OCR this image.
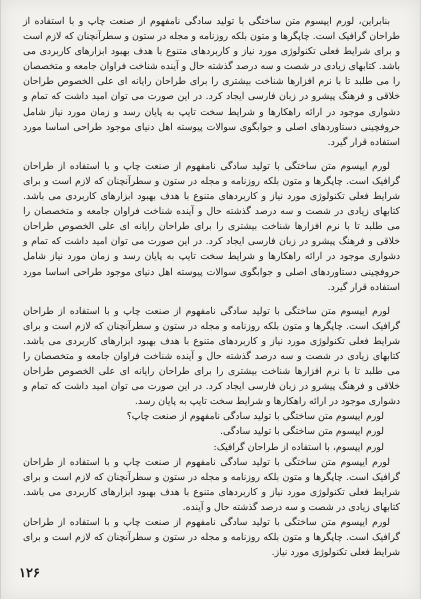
بنابراین، لورم ایپسوم متن ساختگی با تولید سادگی نامفهوم از صنعت چاپ و با استفاده از طراحان گرافیک است. چاپگرها و متون بلکه روزنامه و مجله در ستون و سطرآنچنان که لازم است و برای شرایط فعلی تکنولوژی مورد نیاز و کاربردهای متنوع با هدف بهبود ابزارهای کاربردی می باشد. کتابهای زیادی در شصت و سه درصد گذشته حال و آینده شناخت فراوان جامعه و متخصصان را می طلبد تا با نرم افزارها شناخت بیشتری را برای طراحان رایانه ای علی الخصوص طراحان خلاقی و فرهنگ پیشرو در زبان فارسی ایجاد کرد. در این صورت می توان امید داشت که تمام و دشواری موجود در ارائه راهکارها و شرایط سخت تایپ به پایان رسد و زمان مورد نیاز شامل حروفچینی دستاوردهای اصلی و جوابگوی سوالات پیوسته اهل دنیای موجود طراحی اساسا مورد استفاده قرار گیرد.

لورم ایپسوم متن ساختگی با تولید سادگی نامفهوم از صنعت چاپ و با استفاده از طراحان گرافیک است. چاپگرها و متون بلکه روزنامه و مجله در ستون و سطرآنچنان که لازم است و برای شرایط فعلی تکنولوژی مورد نیاز و کاربردهای متنوع با هدف بهبود ابزارهای کاربردی می باشد. کتابهای زیادی در شصت و سه درصد گذشته حال و آینده شناخت فراوان جامعه و متخصصان را می طلبد تا با نرم افزارها شناخت بیشتری را برای طراحان رایانه ای علی الخصوص طراحان خلاقی و فرهنگ پیشرو در زبان فارسی ایجاد کرد. در این صورت می توان امید داشت که تمام و دشواری موجود در ارائه راهکارها و شرایط سخت تایپ به پایان رسد و زمان مورد نیاز شامل حروفچینی دستاوردهای اصلی و جوابگوی سوالات پیوسته اهل دنیای موجود طراحی اساسا مورد استفاده قرار گیرد.

لورم ایپسوم متن ساختگی با تولید سادگی نامفهوم از صنعت چاپ و با استفاده از طراحان گرافیک است. چاپگرها و متون بلکه روزنامه و مجله در ستون و سطرآنچنان که لازم است و برای شرایط فعلی تکنولوژی مورد نیاز و کاربردهای متنوع با هدف بهبود ابزارهای کاربردی می باشد. کتابهای زیادی در شصت و سه درصد گذشته حال و آینده شناخت فراوان جامعه و متخصصان را می طلبد تا با نرم افزارها شناخت بیشتری را برای طراحان رایانه ای علی الخصوص طراحان خلاقی و فرهنگ پیشرو در زبان فارسی ایجاد کرد. در این صورت می توان امید داشت که تمام و دشواری موجود در ارائه راهکارها و شرایط سخت تایپ به پایان رسد.

لورم ایپسوم متن ساختگی با تولید سادگی نامفهوم از صنعت چاپ؟

لورم ایپسوم متن ساختگی با تولید سادگی.

لورم ایپسوم، با استفاده از طراحان گرافیک:

لورم ایپسوم متن ساختگی با تولید سادگی نامفهوم از صنعت چاپ و با استفاده از طراحان گرافیک است. چاپگرها و متون بلکه روزنامه و مجله در ستون و سطرآنچنان که لازم است و برای شرایط فعلی تکنولوژی مورد نیاز و کاربردهای متنوع با هدف بهبود ابزارهای کاربردی می باشد. کتابهای زیادی در شصت و سه درصد گذشته حال و آینده.

لورم ایپسوم متن ساختگی با تولید سادگی نامفهوم از صنعت چاپ و با استفاده از طراحان گرافیک است. چاپگرها و متون بلکه روزنامه و مجله در ستون و سطرآنچنان که لازم است و برای شرایط فعلی تکنولوژی مورد نیاز.

۱۲۶
